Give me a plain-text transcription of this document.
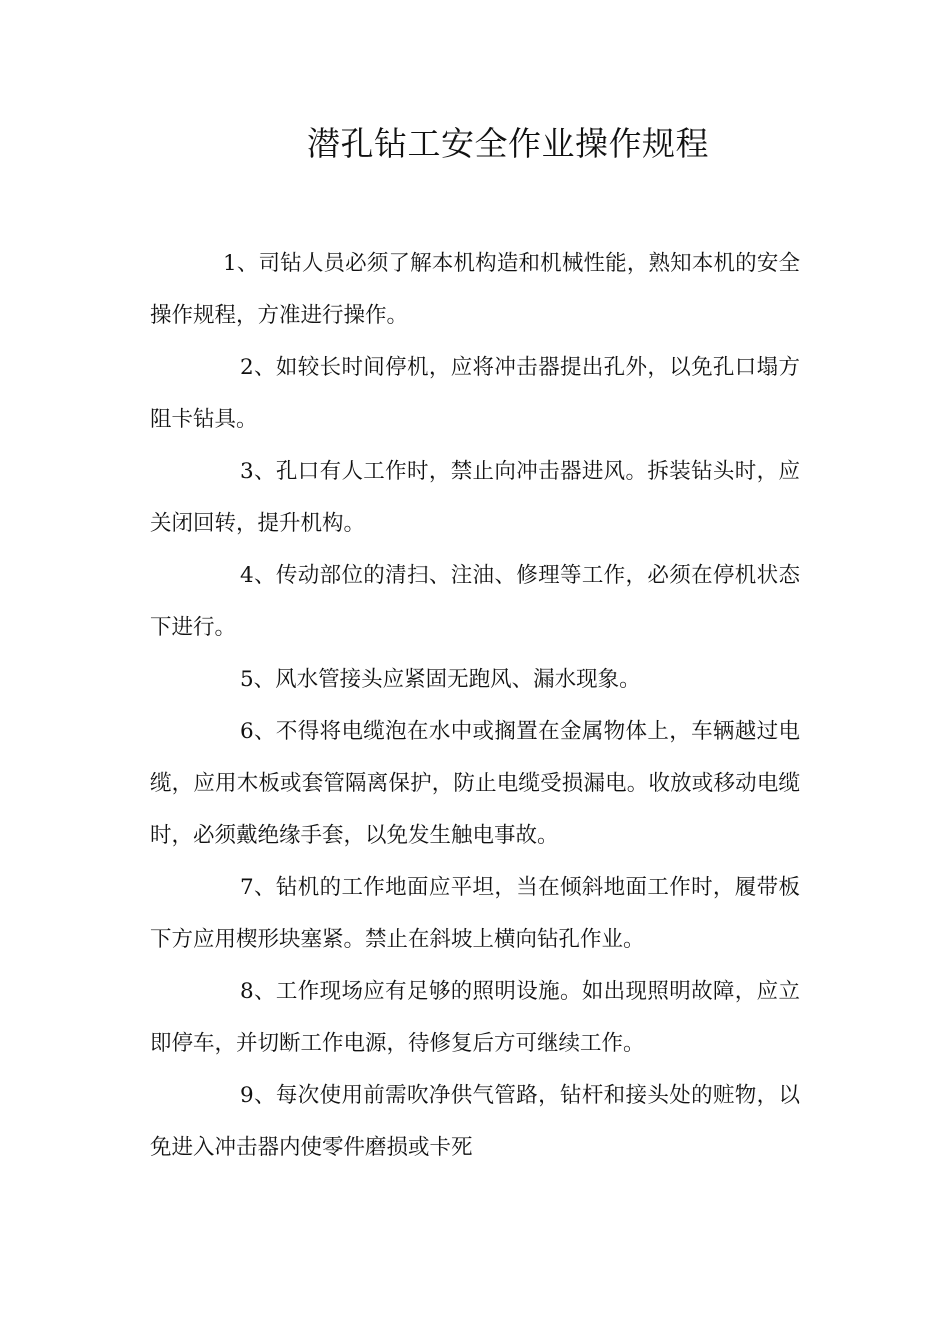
潜孔钻工安全作业操作规程

1、司钻人员必须了解本机构造和机械性能，熟知本机的安全操作规程，方准进行操作。

2、如较长时间停机，应将冲击器提出孔外，以免孔口塌方阻卡钻具。

3、孔口有人工作时，禁止向冲击器进风。拆装钻头时，应关闭回转，提升机构。

4、传动部位的清扫、注油、修理等工作，必须在停机状态下进行。

5、风水管接头应紧固无跑风、漏水现象。

6、不得将电缆泡在水中或搁置在金属物体上，车辆越过电缆，应用木板或套管隔离保护，防止电缆受损漏电。收放或移动电缆时，必须戴绝缘手套，以免发生触电事故。

7、钻机的工作地面应平坦，当在倾斜地面工作时，履带板下方应用楔形块塞紧。禁止在斜坡上横向钻孔作业。

8、工作现场应有足够的照明设施。如出现照明故障，应立即停车，并切断工作电源，待修复后方可继续工作。

9、每次使用前需吹净供气管路，钻杆和接头处的赃物，以免进入冲击器内使零件磨损或卡死
